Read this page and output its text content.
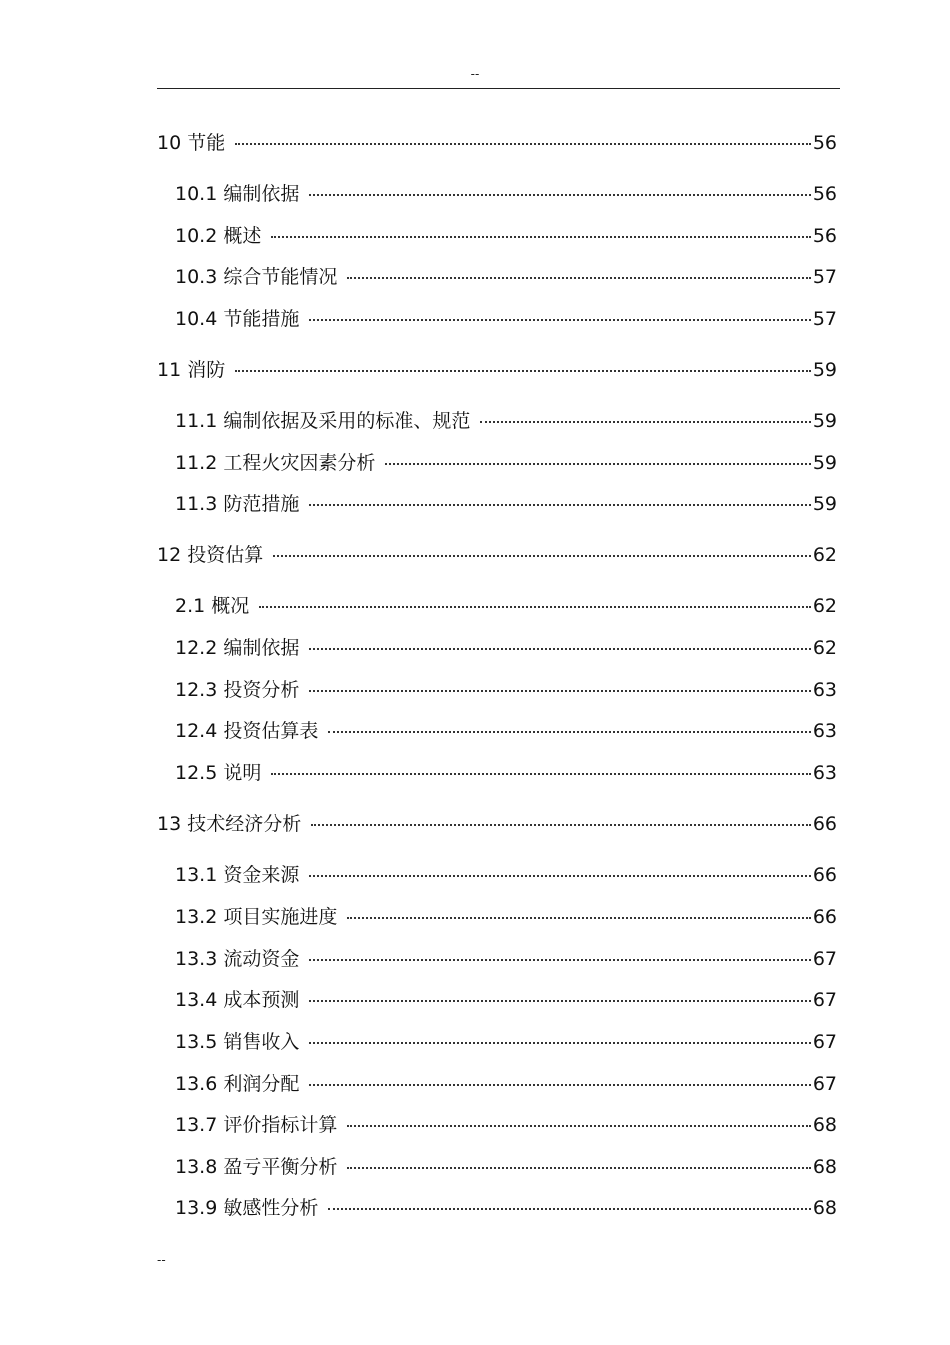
--
10 节能	56
10.1 编制依据	56
10.2 概述	56
10.3 综合节能情况	57
10.4 节能措施	57
11 消防	59
11.1 编制依据及采用的标准、规范	59
11.2 工程火灾因素分析	59
11.3 防范措施	59
12 投资估算	62
2.1 概况	62
12.2 编制依据	62
12.3 投资分析	63
12.4 投资估算表	63
12.5 说明	63
13 技术经济分析	66
13.1 资金来源	66
13.2 项目实施进度	66
13.3 流动资金	67
13.4 成本预测	67
13.5 销售收入	67
13.6 利润分配	67
13.7 评价指标计算	68
13.8 盈亏平衡分析	68
13.9 敏感性分析	68
--
